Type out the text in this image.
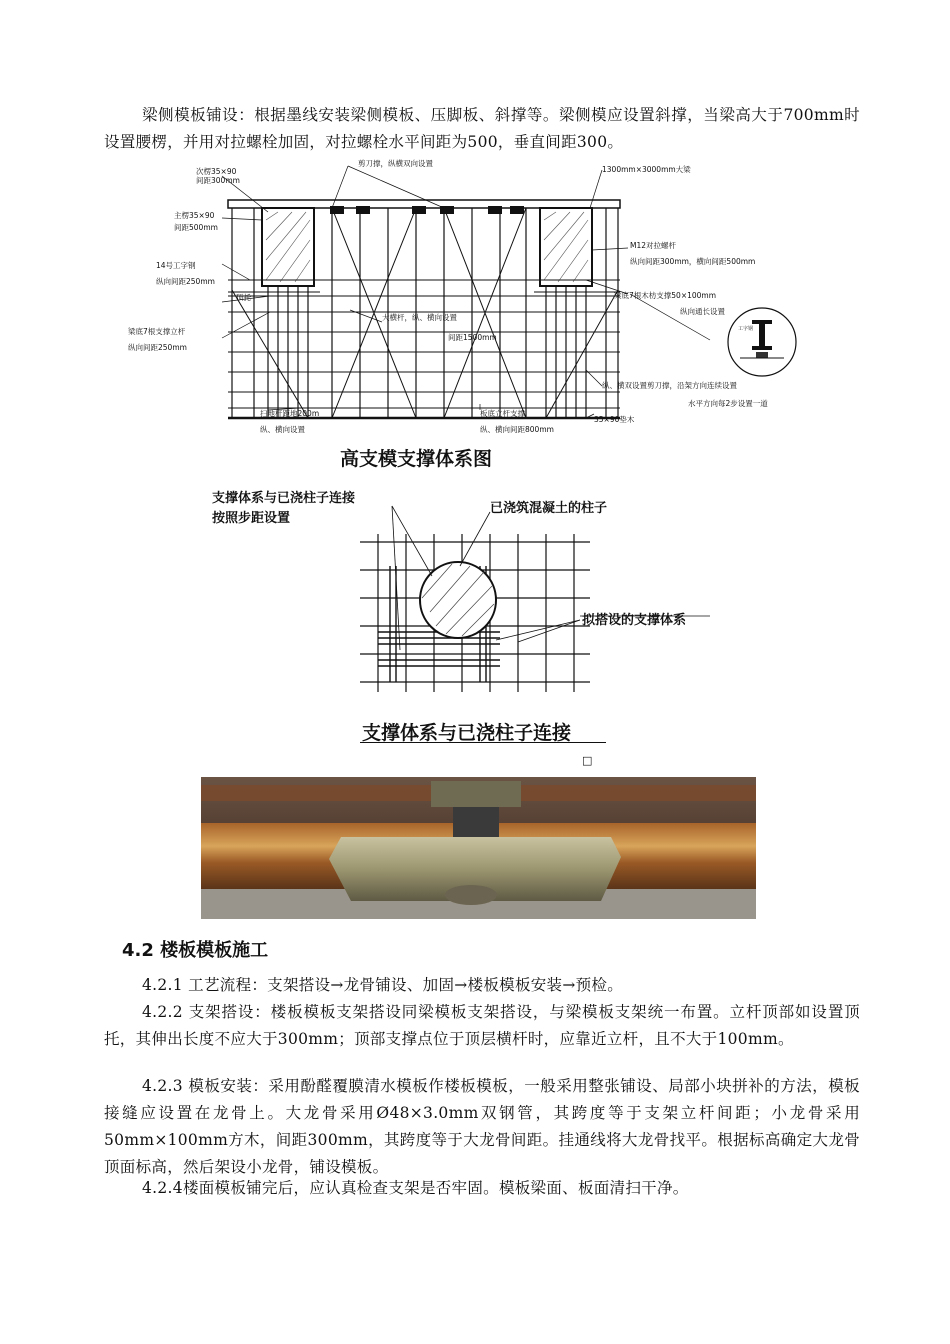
梁侧模板铺设：根据墨线安装梁侧模板、压脚板、斜撑等。梁侧模应设置斜撑，当梁高大于700mm时设置腰楞，并用对拉螺栓加固，对拉螺栓水平间距为500，垂直间距300。

次楞35×90
间距300mm
主楞35×90
间距500mm
14号工字钢
纵向间距250mm
顶托
梁底7根支撑立杆
纵向间距250mm
剪刀撑，纵横双向设置
1300mm×3000mm大梁
M12对拉螺杆
纵向间距300mm，横向间距500mm
梁底7根木枋支撑50×100mm
纵向通长设置
大横杆，纵、横向设置
间距1500mm
纵、横双设置剪刀撑，沿架方向连续设置
水平方向每2步设置一道
扫地杆距地200m
纵、横向设置
板底立杆支撑
纵、横向间距800mm
35×90垫木
工字钢
高支模支撑体系图
支撑体系与已浇柱子连接
按照步距设置
已浇筑混凝土的柱子
拟搭设的支撑体系
支撑体系与已浇柱子连接
□
4.2 楼板模板施工

4.2.1 工艺流程：支架搭设→龙骨铺设、加固→楼板模板安装→预检。

4.2.2 支架搭设：楼板模板支架搭设同梁模板支架搭设，与梁模板支架统一布置。立杆顶部如设置顶托，其伸出长度不应大于300mm；顶部支撑点位于顶层横杆时，应靠近立杆，且不大于100mm。

4.2.3 模板安装：采用酚醛覆膜清水模板作楼板模板，一般采用整张铺设、局部小块拼补的方法，模板接缝应设置在龙骨上。大龙骨采用Ø48×3.0mm双钢管，其跨度等于支架立杆间距；小龙骨采用50mm×100mm方木，间距300mm，其跨度等于大龙骨间距。挂通线将大龙骨找平。根据标高确定大龙骨顶面标高，然后架设小龙骨，铺设模板。

4.2.4楼面模板铺完后，应认真检查支架是否牢固。模板梁面、板面清扫干净。
